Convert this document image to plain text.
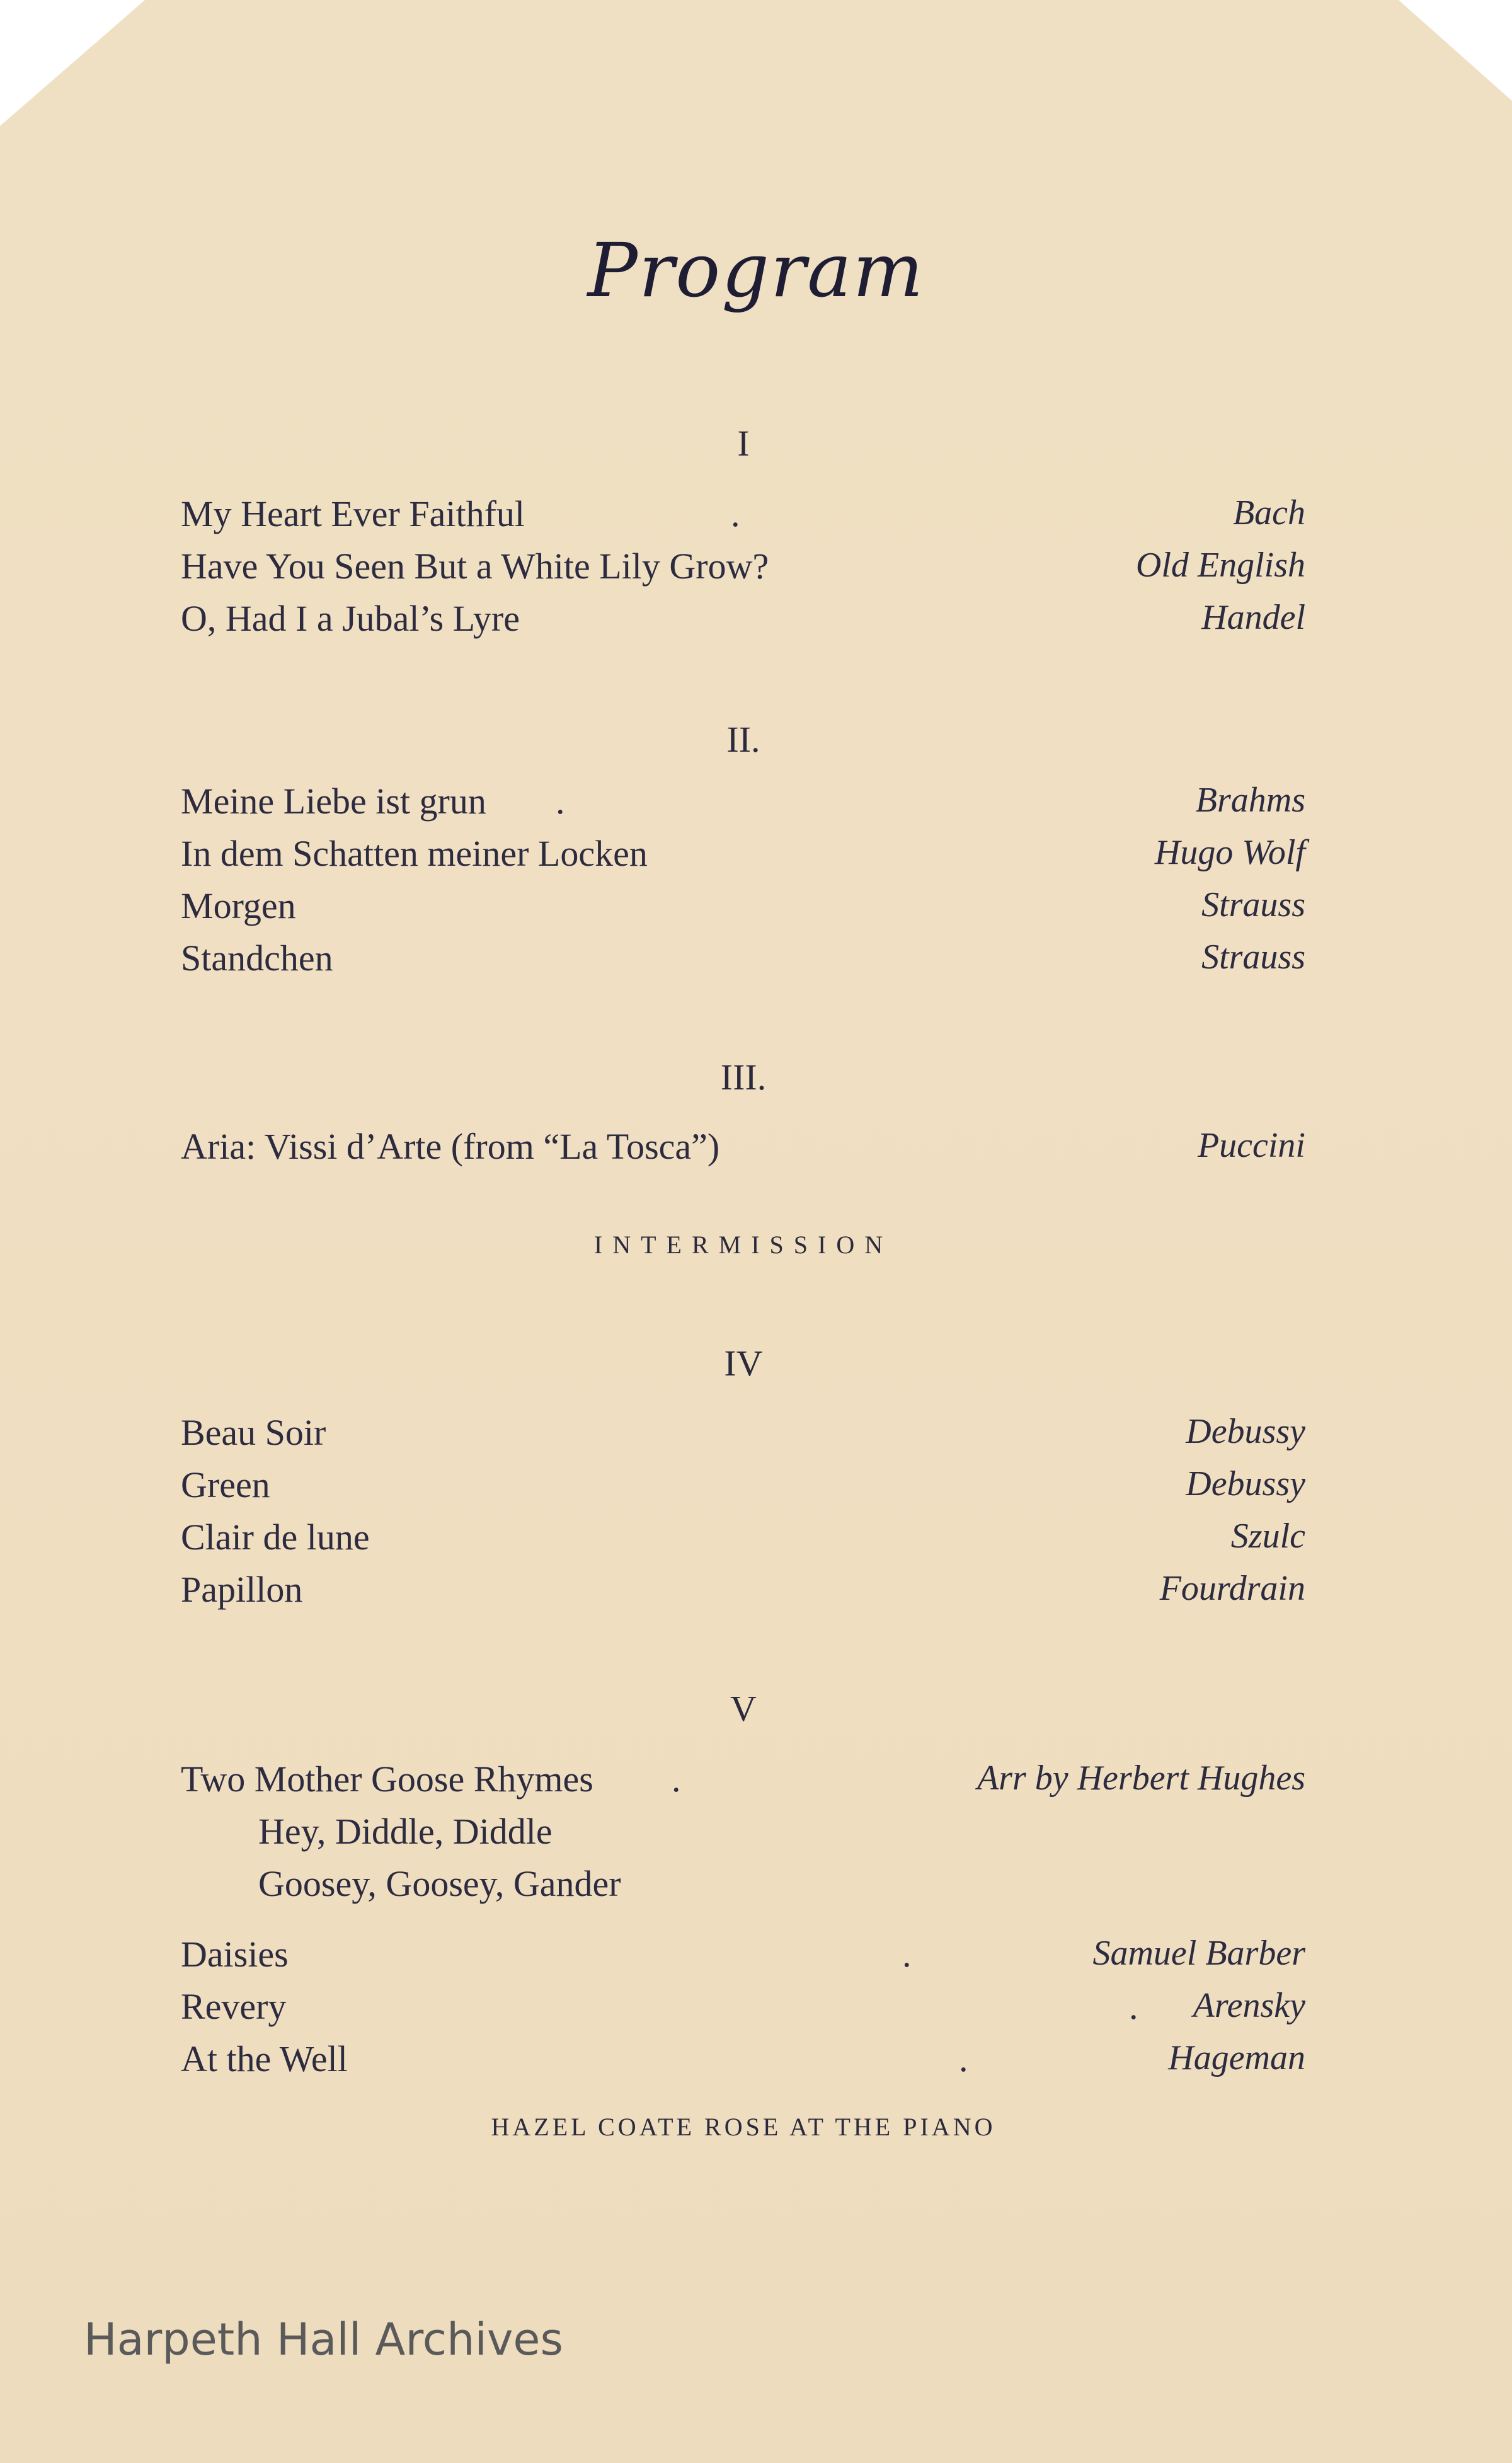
Program
I
My Heart Ever Faithful	.	Bach
Have You Seen But a White Lily Grow?	Old English
O, Had I a Jubal’s Lyre	Handel
II.
Meine Liebe ist grun .	Brahms
In dem Schatten meiner Locken	Hugo Wolf
Morgen	Strauss
Standchen	Strauss
III.
Aria: Vissi d’Arte (from “La Tosca”)	Puccini
INTERMISSION
IV
Beau Soir	Debussy
Green	Debussy
Clair de lune	Szulc
Papillon	Fourdrain
V
Two Mother Goose Rhymes .	Arr by Herbert Hughes
Hey, Diddle, Diddle
Goosey, Goosey, Gander
Daisies	.	Samuel Barber
Revery	. Arensky
At the Well	.	Hageman
HAZEL COATE ROSE AT THE PIANO
Harpeth Hall Archives
